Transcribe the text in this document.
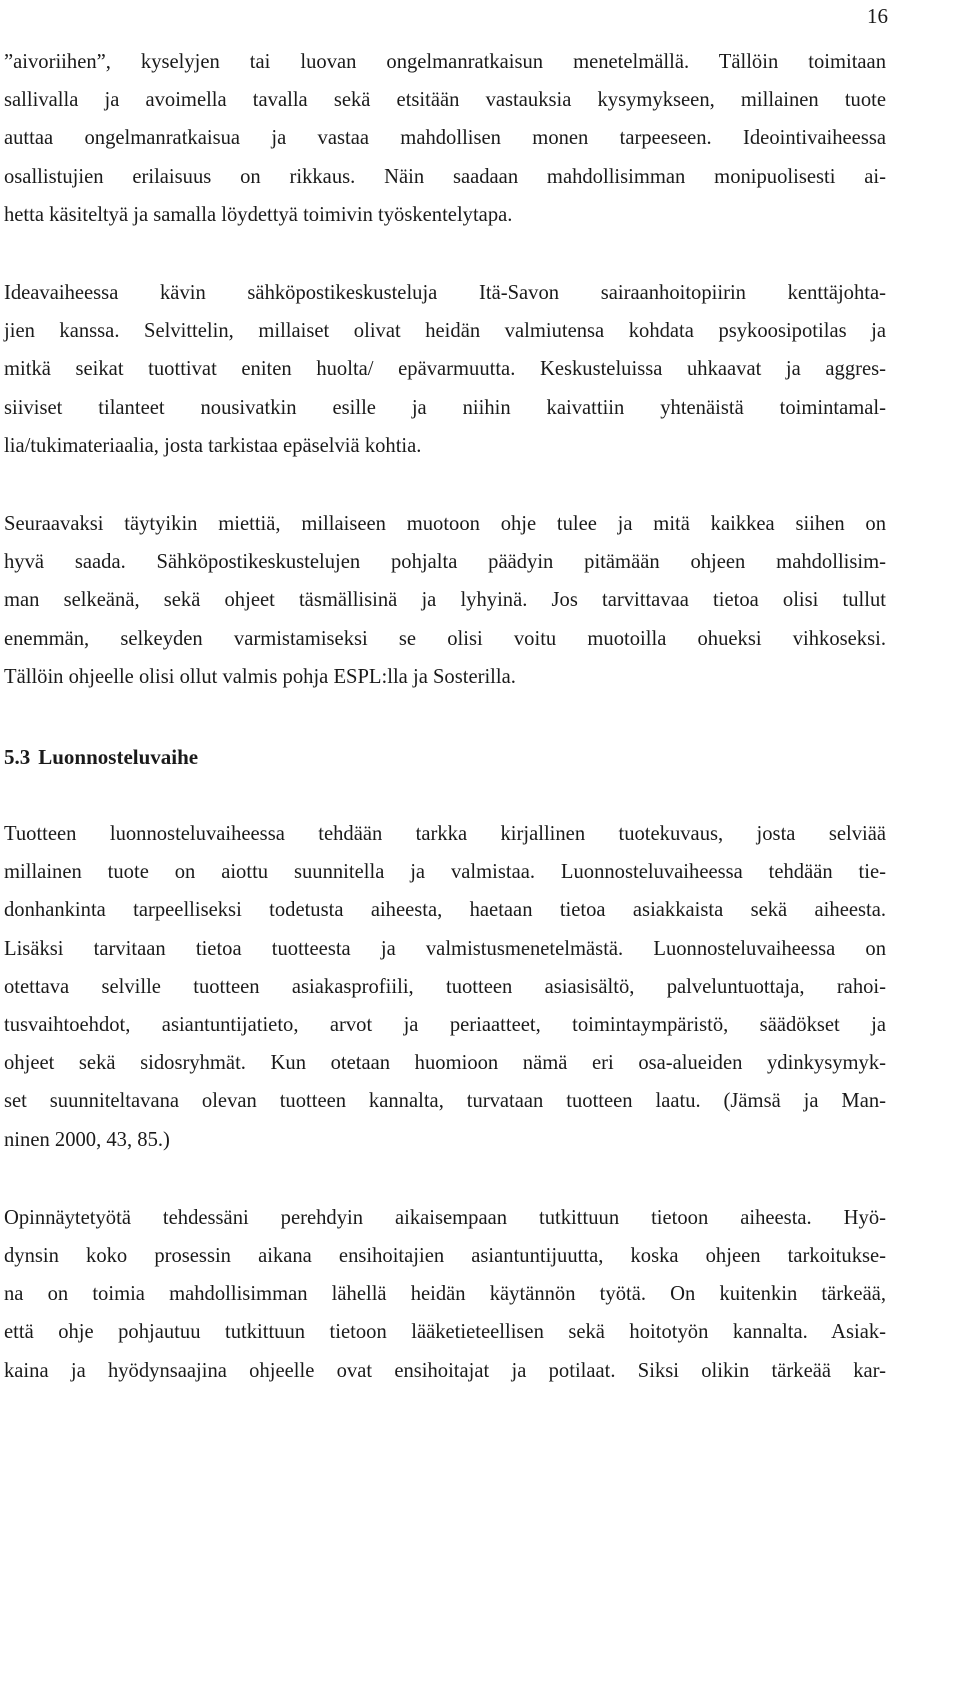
16

”aivoriihen”, kyselyjen tai luovan ongelmanratkaisun menetelmällä. Tällöin toimitaan
sallivalla ja avoimella tavalla sekä etsitään vastauksia kysymykseen, millainen tuote
auttaa ongelmanratkaisua ja vastaa mahdollisen monen tarpeeseen. Ideointivaiheessa
osallistujien erilaisuus on rikkaus. Näin saadaan mahdollisimman monipuolisesti ai-
hetta käsiteltyä ja samalla löydettyä toimivin työskentelytapa.

Ideavaiheessa kävin sähköpostikeskusteluja Itä-Savon sairaanhoitopiirin kenttäjohta-
jien kanssa. Selvittelin, millaiset olivat heidän valmiutensa kohdata psykoosipotilas ja
mitkä seikat tuottivat eniten huolta/ epävarmuutta. Keskusteluissa uhkaavat ja aggres-
siiviset tilanteet nousivatkin esille ja niihin kaivattiin yhtenäistä toimintamal-
lia/tukimateriaalia, josta tarkistaa epäselviä kohtia.

Seuraavaksi täytyikin miettiä, millaiseen muotoon ohje tulee ja mitä kaikkea siihen on
hyvä saada. Sähköpostikeskustelujen pohjalta päädyin pitämään ohjeen mahdollisim-
man selkeänä, sekä ohjeet täsmällisinä ja lyhyinä. Jos tarvittavaa tietoa olisi tullut
enemmän, selkeyden varmistamiseksi se olisi voitu muotoilla ohueksi vihkoseksi.
Tällöin ohjeelle olisi ollut valmis pohja ESPL:lla ja Sosterilla.

5.3 Luonnosteluvaihe

Tuotteen luonnosteluvaiheessa tehdään tarkka kirjallinen tuotekuvaus, josta selviää
millainen tuote on aiottu suunnitella ja valmistaa. Luonnosteluvaiheessa tehdään tie-
donhankinta tarpeelliseksi todetusta aiheesta, haetaan tietoa asiakkaista sekä aiheesta.
Lisäksi tarvitaan tietoa tuotteesta ja valmistusmenetelmästä. Luonnosteluvaiheessa on
otettava selville tuotteen asiakasprofiili, tuotteen asiasisältö, palveluntuottaja, rahoi-
tusvaihtoehdot, asiantuntijatieto, arvot ja periaatteet, toimintaympäristö, säädökset ja
ohjeet sekä sidosryhmät. Kun otetaan huomioon nämä eri osa-alueiden ydinkysymyk-
set suunniteltavana olevan tuotteen kannalta, turvataan tuotteen laatu. (Jämsä ja Man-
ninen 2000, 43, 85.)

Opinnäytetyötä tehdessäni perehdyin aikaisempaan tutkittuun tietoon aiheesta. Hyö-
dynsin koko prosessin aikana ensihoitajien asiantuntijuutta, koska ohjeen tarkoitukse-
na on toimia mahdollisimman lähellä heidän käytännön työtä. On kuitenkin tärkeää,
että ohje pohjautuu tutkittuun tietoon lääketieteellisen sekä hoitotyön kannalta. Asiak-
kaina ja hyödynsaajina ohjeelle ovat ensihoitajat ja potilaat. Siksi olikin tärkeää kar-
